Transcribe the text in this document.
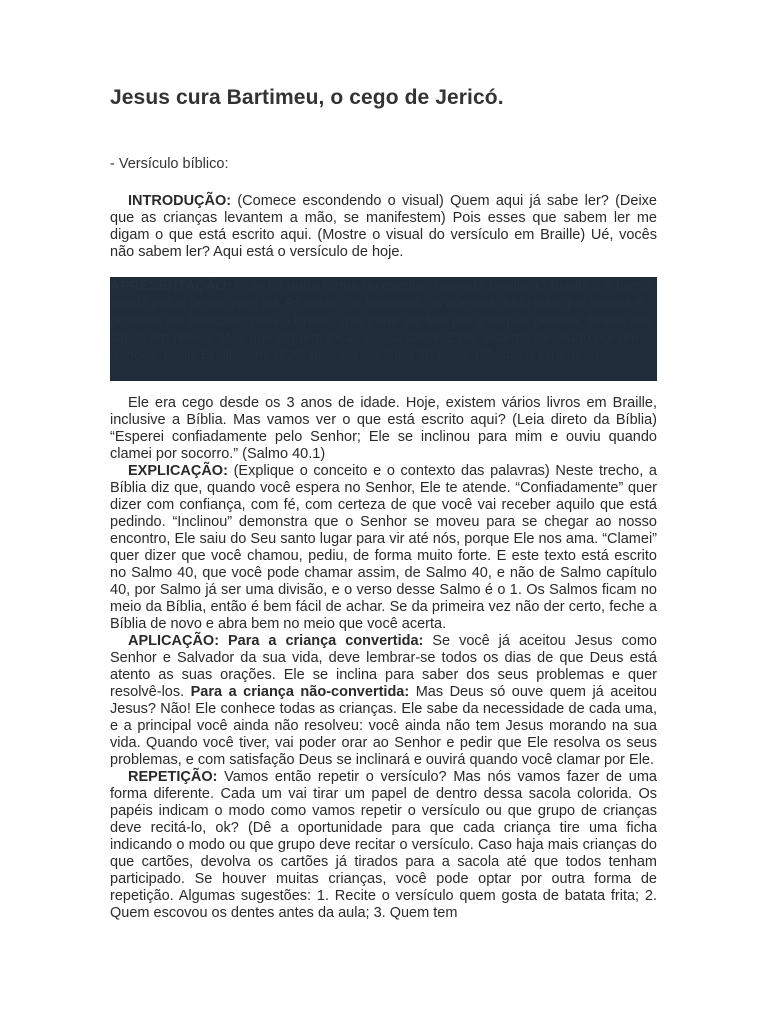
Jesus cura Bartimeu, o cego de Jericó.
- Versículo bíblico:

INTRODUÇÃO: (Comece escondendo o visual) Quem aqui já sabe ler? (Deixe que as crianças levantem a mão, se manifestem) Pois esses que sabem ler me digam o que está escrito aqui. (Mostre o visual do versículo em Braille) Ué, vocês não sabem ler? Aqui está o versículo de hoje.

APRESENTAÇÃO: Hoje há outra forma de escrita chamada Braille. O Braille é a forma usada pelos cegos para ler. As letras, os números, os acentos, tudo isso que vamos é possível ser traduzido para o Braille, que pode ser lido por qualquer pessoa. Braille são sinais em relevo. Mas que alguém tocar, possa sentir. Esse sistema foi criado por um francês, Louis Braille, em 1829, quando ele tinha 20 anos. (Mostre o livro dele)

Ele era cego desde os 3 anos de idade. Hoje, existem vários livros em Braille, inclusive a Bíblia. Mas vamos ver o que está escrito aqui? (Leia direto da Bíblia) “Esperei confiadamente pelo Senhor; Ele se inclinou para mim e ouviu quando clamei por socorro.” (Salmo 40.1)

EXPLICAÇÃO: (Explique o conceito e o contexto das palavras) Neste trecho, a Bíblia diz que, quando você espera no Senhor, Ele te atende. “Confiadamente” quer dizer com confiança, com fé, com certeza de que você vai receber aquilo que está pedindo. “Inclinou” demonstra que o Senhor se moveu para se chegar ao nosso encontro, Ele saiu do Seu santo lugar para vir até nós, porque Ele nos ama. “Clamei” quer dizer que você chamou, pediu, de forma muito forte. E este texto está escrito no Salmo 40, que você pode chamar assim, de Salmo 40, e não de Salmo capítulo 40, por Salmo já ser uma divisão, e o verso desse Salmo é o 1. Os Salmos ficam no meio da Bíblia, então é bem fácil de achar. Se da primeira vez não der certo, feche a Bíblia de novo e abra bem no meio que você acerta.

APLICAÇÃO: Para a criança convertida: Se você já aceitou Jesus como Senhor e Salvador da sua vida, deve lembrar-se todos os dias de que Deus está atento as suas orações. Ele se inclina para saber dos seus problemas e quer resolvê-los. Para a criança não-convertida: Mas Deus só ouve quem já aceitou Jesus? Não! Ele conhece todas as crianças. Ele sabe da necessidade de cada uma, e a principal você ainda não resolveu: você ainda não tem Jesus morando na sua vida. Quando você tiver, vai poder orar ao Senhor e pedir que Ele resolva os seus problemas, e com satisfação Deus se inclinará e ouvirá quando você clamar por Ele.

REPETIÇÃO: Vamos então repetir o versículo? Mas nós vamos fazer de uma forma diferente. Cada um vai tirar um papel de dentro dessa sacola colorida. Os papéis indicam o modo como vamos repetir o versículo ou que grupo de crianças deve recitá-lo, ok? (Dê a oportunidade para que cada criança tire uma ficha indicando o modo ou que grupo deve recitar o versículo. Caso haja mais crianças do que cartões, devolva os cartões já tirados para a sacola até que todos tenham participado. Se houver muitas crianças, você pode optar por outra forma de repetição. Algumas sugestões: 1. Recite o versículo quem gosta de batata frita; 2. Quem escovou os dentes antes da aula; 3. Quem tem
